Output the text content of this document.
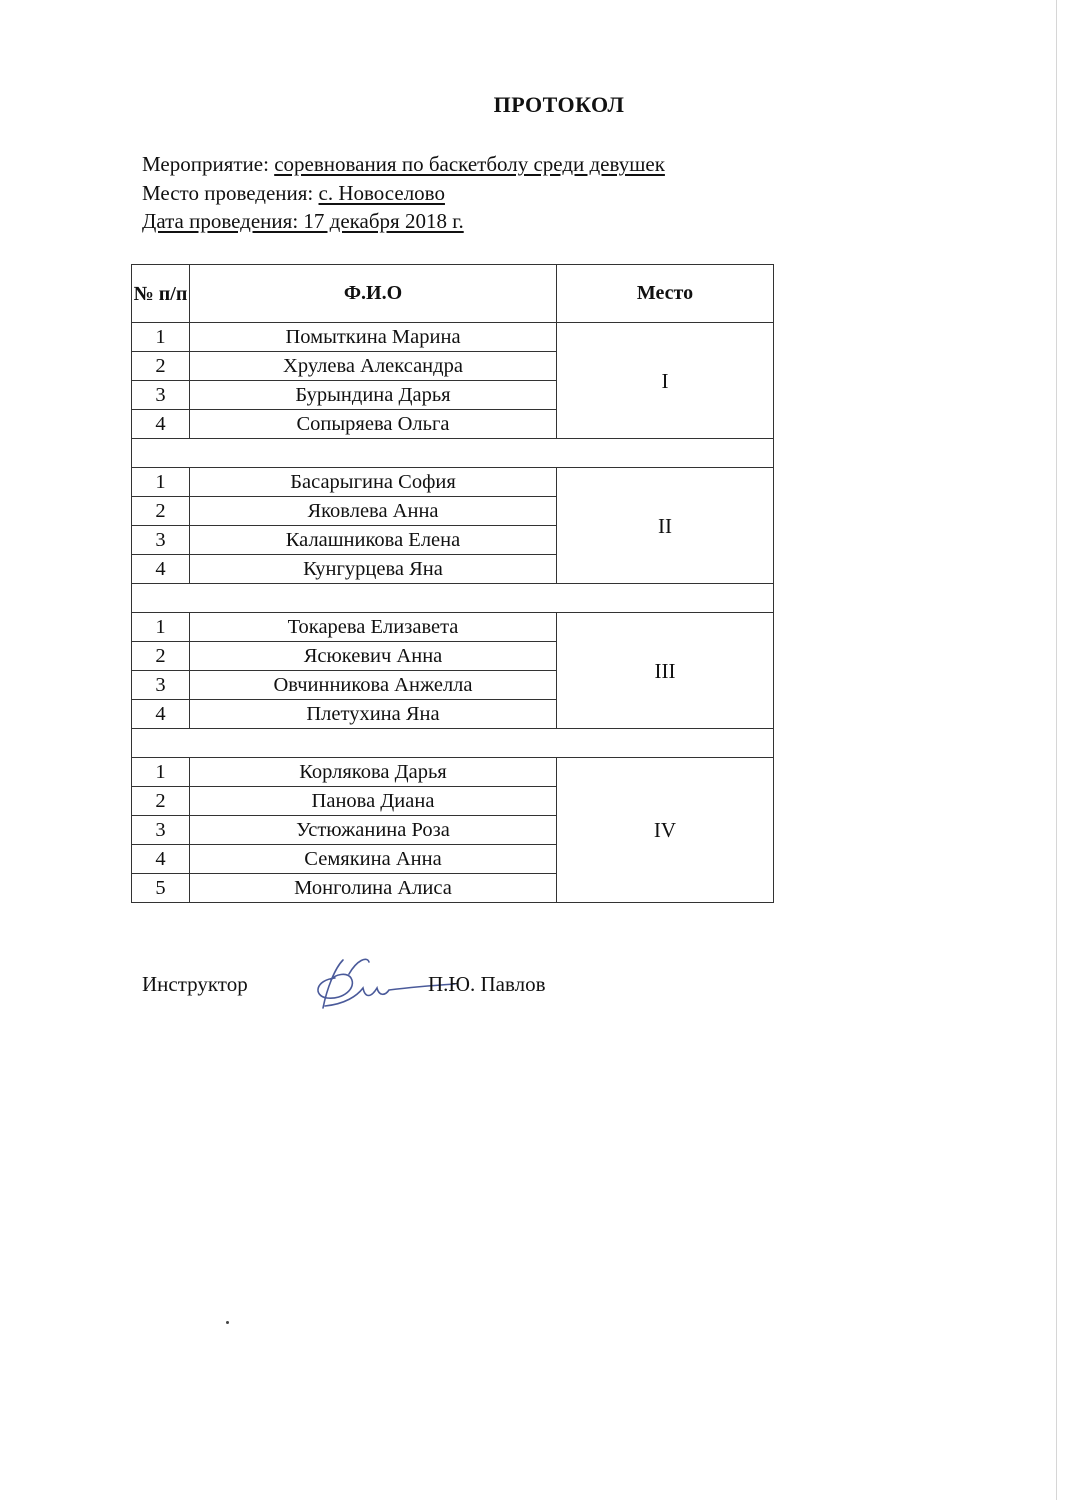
ПРОТОКОЛ
Мероприятие: соревнования по баскетболу среди девушек
Место проведения: с. Новоселово
Дата проведения: 17 декабря 2018 г.
№ п/п	Ф.И.О	Место
1	Помыткина Марина	I
2	Хрулева Александра	
3	Бурындина Дарья	
4	Сопыряева Ольга	

1	Басарыгина София	II
2	Яковлева Анна	
3	Калашникова Елена	
4	Кунгурцева Яна	

1	Токарева Елизавета	III
2	Ясюкевич Анна	
3	Овчинникова Анжелла	
4	Плетухина Яна	

1	Корлякова Дарья	IV
2	Панова Диана	
3	Устюжанина Роза	
4	Семякина Анна	
5	Монголина Алиса	
Инструктор	П.Ю. Павлов
